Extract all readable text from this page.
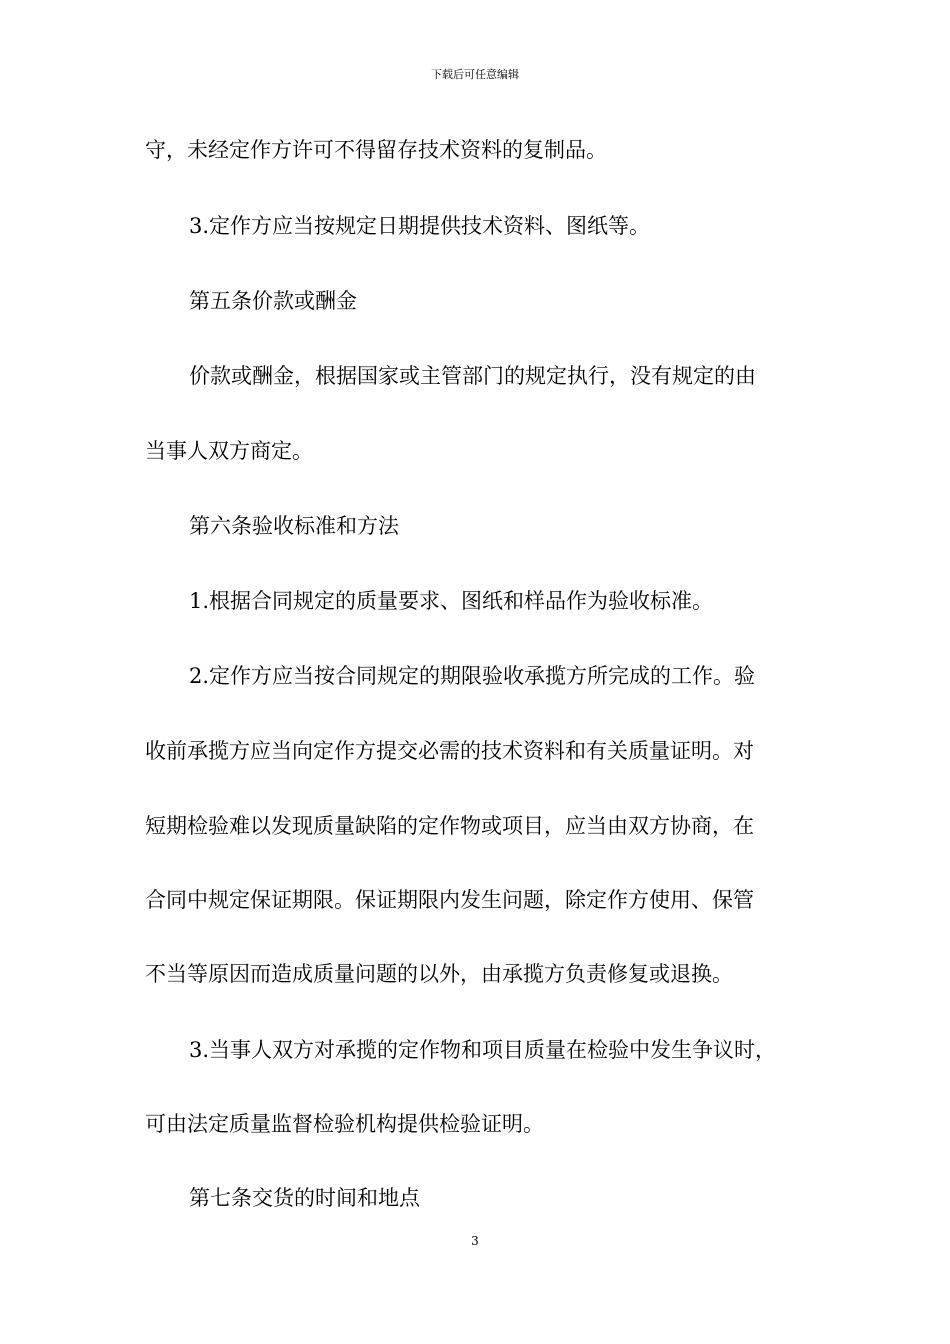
下载后可任意编辑
守，未经定作方许可不得留存技术资料的复制品。
3.定作方应当按规定日期提供技术资料、图纸等。
第五条价款或酬金
价款或酬金，根据国家或主管部门的规定执行，没有规定的由
当事人双方商定。
第六条验收标准和方法
1.根据合同规定的质量要求、图纸和样品作为验收标准。
2.定作方应当按合同规定的期限验收承揽方所完成的工作。验
收前承揽方应当向定作方提交必需的技术资料和有关质量证明。对
短期检验难以发现质量缺陷的定作物或项目，应当由双方协商，在
合同中规定保证期限。保证期限内发生问题，除定作方使用、保管
不当等原因而造成质量问题的以外，由承揽方负责修复或退换。
3.当事人双方对承揽的定作物和项目质量在检验中发生争议时，
可由法定质量监督检验机构提供检验证明。
第七条交货的时间和地点
3
